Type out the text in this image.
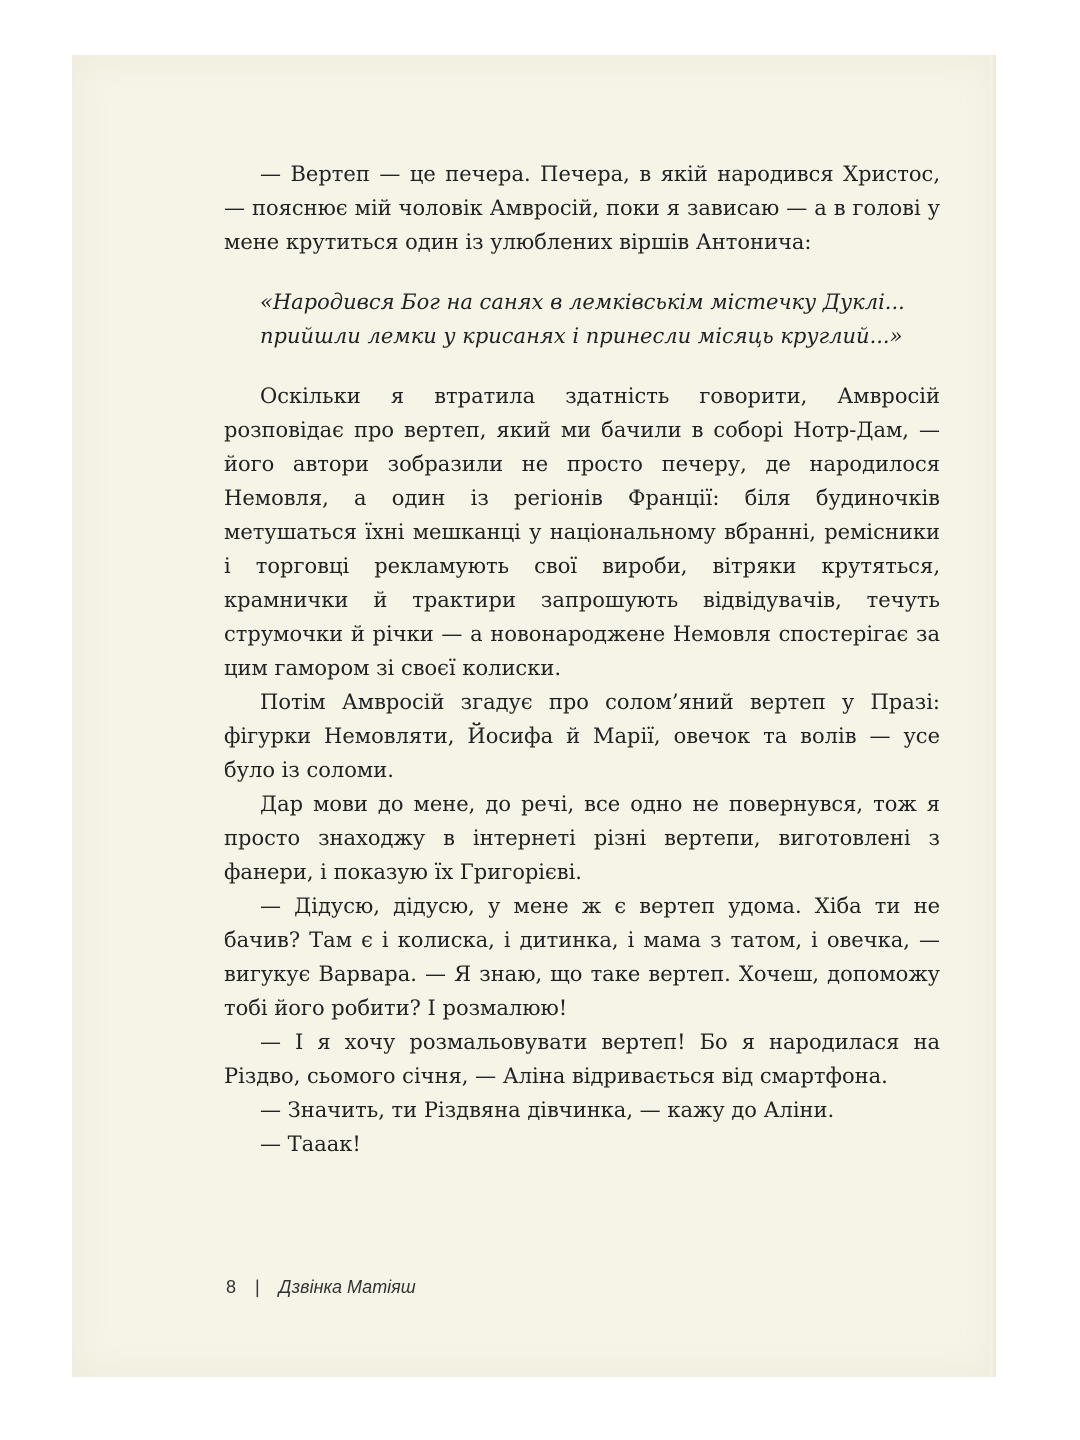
— Вертеп — це печера. Печера, в якій народився Христос, — пояснює мій чоловік Амвросій, поки я зависаю — а в голові у мене крутиться один із улюблених віршів Антонича:

«Народився Бог на санях в лемківськім містечку Дуклі...
прийшли лемки у крисанях і принесли місяць круглий...»

Оскільки я втратила здатність говорити, Амвросій розповідає про вертеп, який ми бачили в соборі Нотр-Дам, — його автори зобразили не просто печеру, де народилося Немовля, а один із регіонів Франції: біля будиночків метушаться їхні мешканці у національному вбранні, ремісники і торговці рекламують свої вироби, вітряки крутяться, крамнички й трактири запрошують відвідувачів, течуть струмочки й річки — а новонароджене Немовля спостерігає за цим гамором зі своєї колиски.

Потім Амвросій згадує про солом’яний вертеп у Празі: фігурки Немовляти, Йосифа й Марії, овечок та волів — усе було із соломи.

Дар мови до мене, до речі, все одно не повернувся, тож я просто знаходжу в інтернеті різні вертепи, виготовлені з фанери, і показую їх Григорієві.

— Дідусю, дідусю, у мене ж є вертеп удома. Хіба ти не бачив? Там є і колиска, і дитинка, і мама з татом, і овечка, — вигукує Варвара. — Я знаю, що таке вертеп. Хочеш, допоможу тобі його робити? І розмалюю!

— І я хочу розмальовувати вертеп! Бо я народилася на Різдво, сьомого січня, — Аліна відривається від смартфона.

— Значить, ти Різдвяна дівчинка, — кажу до Аліни.

— Тааак!

8 | Дзвінка Матіяш
